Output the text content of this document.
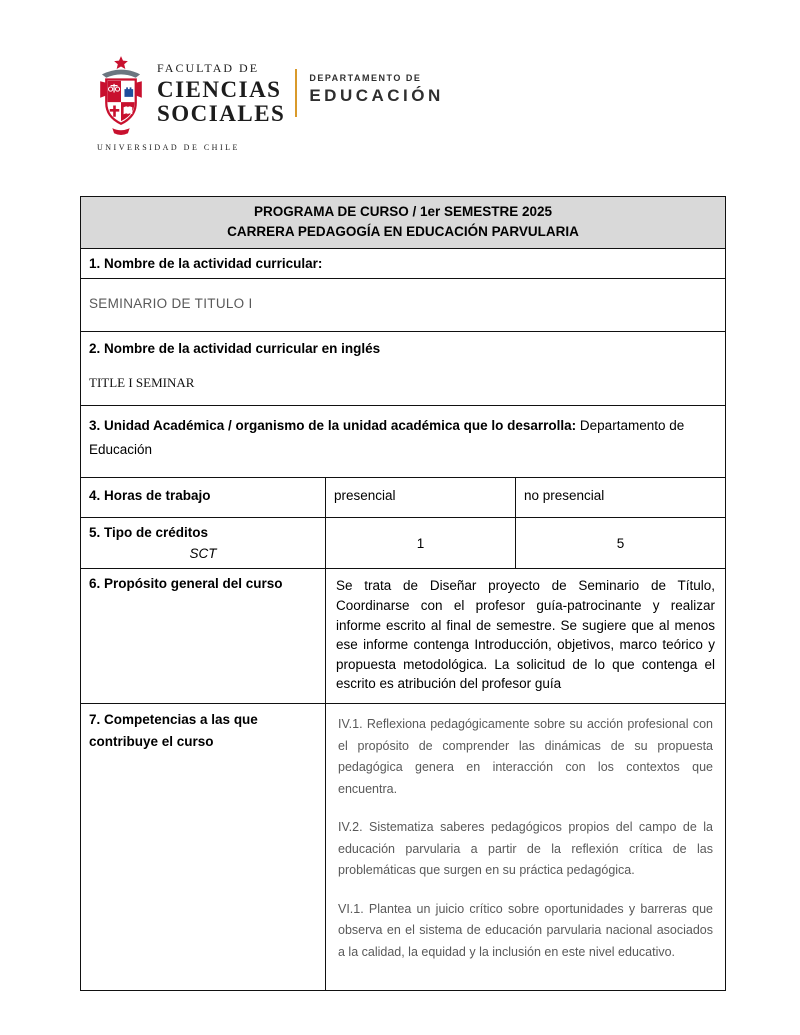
FACULTAD DE
CIENCIAS
SOCIALES
UNIVERSIDAD DE CHILE
DEPARTAMENTO DE
EDUCACIÓN
PROGRAMA DE CURSO / 1er SEMESTRE 2025
CARRERA PEDAGOGÍA EN EDUCACIÓN PARVULARIA		

1. Nombre de la actividad curricular:		
SEMINARIO DE TITULO I		

2. Nombre de la actividad curricular en inglés
TITLE I SEMINAR		

3. Unidad Académica / organismo de la unidad académica que lo desarrolla: Departamento de Educación		
4. Horas de trabajo	presencial	no presencial

5. Tipo de créditos
SCT	1	5
6. Propósito general del curso	Se trata de Diseñar proyecto de Seminario de Título, Coordinarse con el profesor guía-patrocinante y realizar informe escrito al final de semestre. Se sugiere que al menos ese informe contenga Introducción, objetivos, marco teórico y propuesta metodológica. La solicitud de lo que contenga el escrito es atribución del profesor guía	
7. Competencias a las que contribuye el curso	IV.1. Reflexiona pedagógicamente sobre su acción profesional con el propósito de comprender las dinámicas de su propuesta pedagógica genera en interacción con los contextos que encuentra.

IV.2. Sistematiza saberes pedagógicos propios del campo de la educación parvularia a partir de la reflexión crítica de las problemáticas que surgen en su práctica pedagógica.

VI.1. Plantea un juicio crítico sobre oportunidades y barreras que observa en el sistema de educación parvularia nacional asociados a la calidad, la equidad y la inclusión en este nivel educativo.	
